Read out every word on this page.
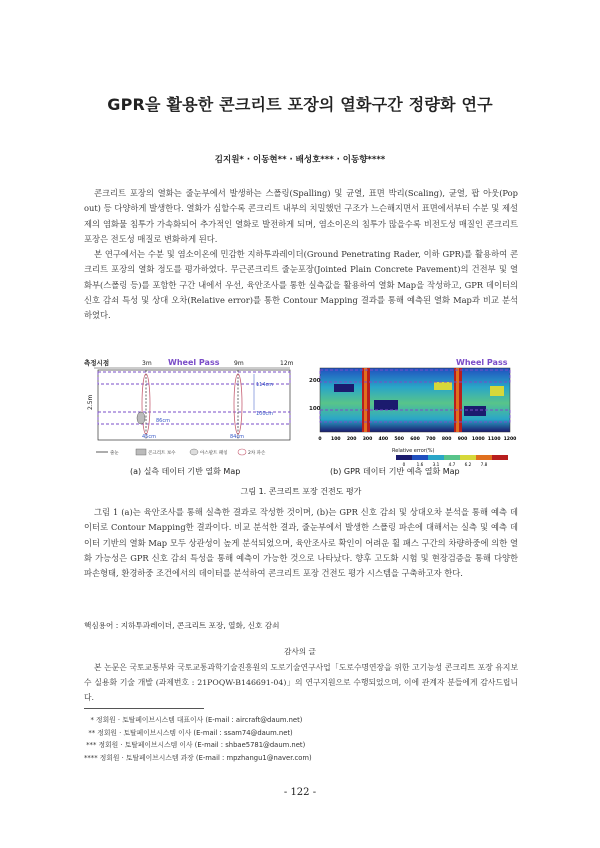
GPR을 활용한 콘크리트 포장의 열화구간 정량화 연구
김지원* · 이동현** · 배성호*** · 이동향****

콘크리트 포장의 열화는 줄눈부에서 발생하는 스폴링(Spalling) 및 균열, 표면 박리(Scaling), 균열, 팝 아웃(Pop out) 등 다양하게 발생한다. 열화가 심할수록 콘크리트 내부의 치밀했던 구조가 느슨해지면서 표면에서부터 수분 및 제설제의 염화물 침투가 가속화되어 추가적인 열화로 발전하게 되며, 염소이온의 침투가 많을수록 비전도성 매질인 콘크리트 포장은 전도성 매질로 변화하게 된다.

본 연구에서는 수분 및 염소이온에 민감한 지하투과레이더(Ground Penetrating Rader, 이하 GPR)를 활용하여 콘크리트 포장의 열화 정도를 평가하였다. 무근콘크리트 줄눈포장(Jointed Plain Concrete Pavement)의 건전부 및 열화부(스폴링 등)를 포함한 구간 내에서 우선, 육안조사를 통한 실측값을 활용하여 열화 Map을 작성하고, GPR 데이터의 신호 감쇠 특성 및 상대 오차(Relative error)를 통한 Contour Mapping 결과를 통해 예측된 열화 Map과 비교 분석하였다.

측정시점	Wheel Pass
3m	9m	12m
2.5m
114cm
100cm
86cm
45cm	84cm
줄눈	콘크리트 보수	아스팔트 패칭	2차 파손
Wheel Pass
200
100
0 100 200 300 400 500 600 700 800 900 1000 1100 1200
Relative error(%)
0	1.6 3.1 4.7 6.2 7.8
(a) 실측 데이터 기반 열화 Map	(b) GPR 데이터 기반 예측 열화 Map
그림 1. 콘크리트 포장 건전도 평가

그림 1 (a)는 육안조사를 통해 실측한 결과로 작성한 것이며, (b)는 GPR 신호 감쇠 및 상대오차 분석을 통해 예측 데이터로 Contour Mapping한 결과이다. 비교 분석한 결과, 줄눈부에서 발생한 스폴링 파손에 대해서는 실측 및 예측 데이터 기반의 열화 Map 모두 상관성이 높게 분석되었으며, 육안조사로 확인이 어려운 휠 패스 구간의 차량하중에 의한 열화 가능성은 GPR 신호 감쇠 특성을 통해 예측이 가능한 것으로 나타났다. 향후 고도화 시험 및 현장검증을 통해 다양한 파손형태, 환경하중 조건에서의 데이터를 분석하여 콘크리트 포장 건전도 평가 시스템을 구축하고자 한다.

핵심용어 : 지하투과레이더, 콘크리트 포장, 열화, 신호 감쇠
감사의 글

본 논문은 국토교통부와 국토교통과학기술진흥원의 도로기술연구사업「도로수명연장을 위한 고기능성 콘크리트 포장 유지보수 실용화 기술 개발 (과제번호 : 21POQW-B146691-04)」의 연구지원으로 수행되었으며, 이에 관계자 분들에게 감사드립니다.

* 정회원 · 토탈페이브시스템 대표이사 (E-mail : aircraft@daum.net)
** 정회원 · 토탈페이브시스템 이사 (E-mail : ssam74@daum.net)
*** 정회원 · 토탈페이브시스템 이사 (E-mail : shbae5781@daum.net)
**** 정회원 · 토탈페이브시스템 과장 (E-mail : mpzhangu1@naver.com)
- 122 -
